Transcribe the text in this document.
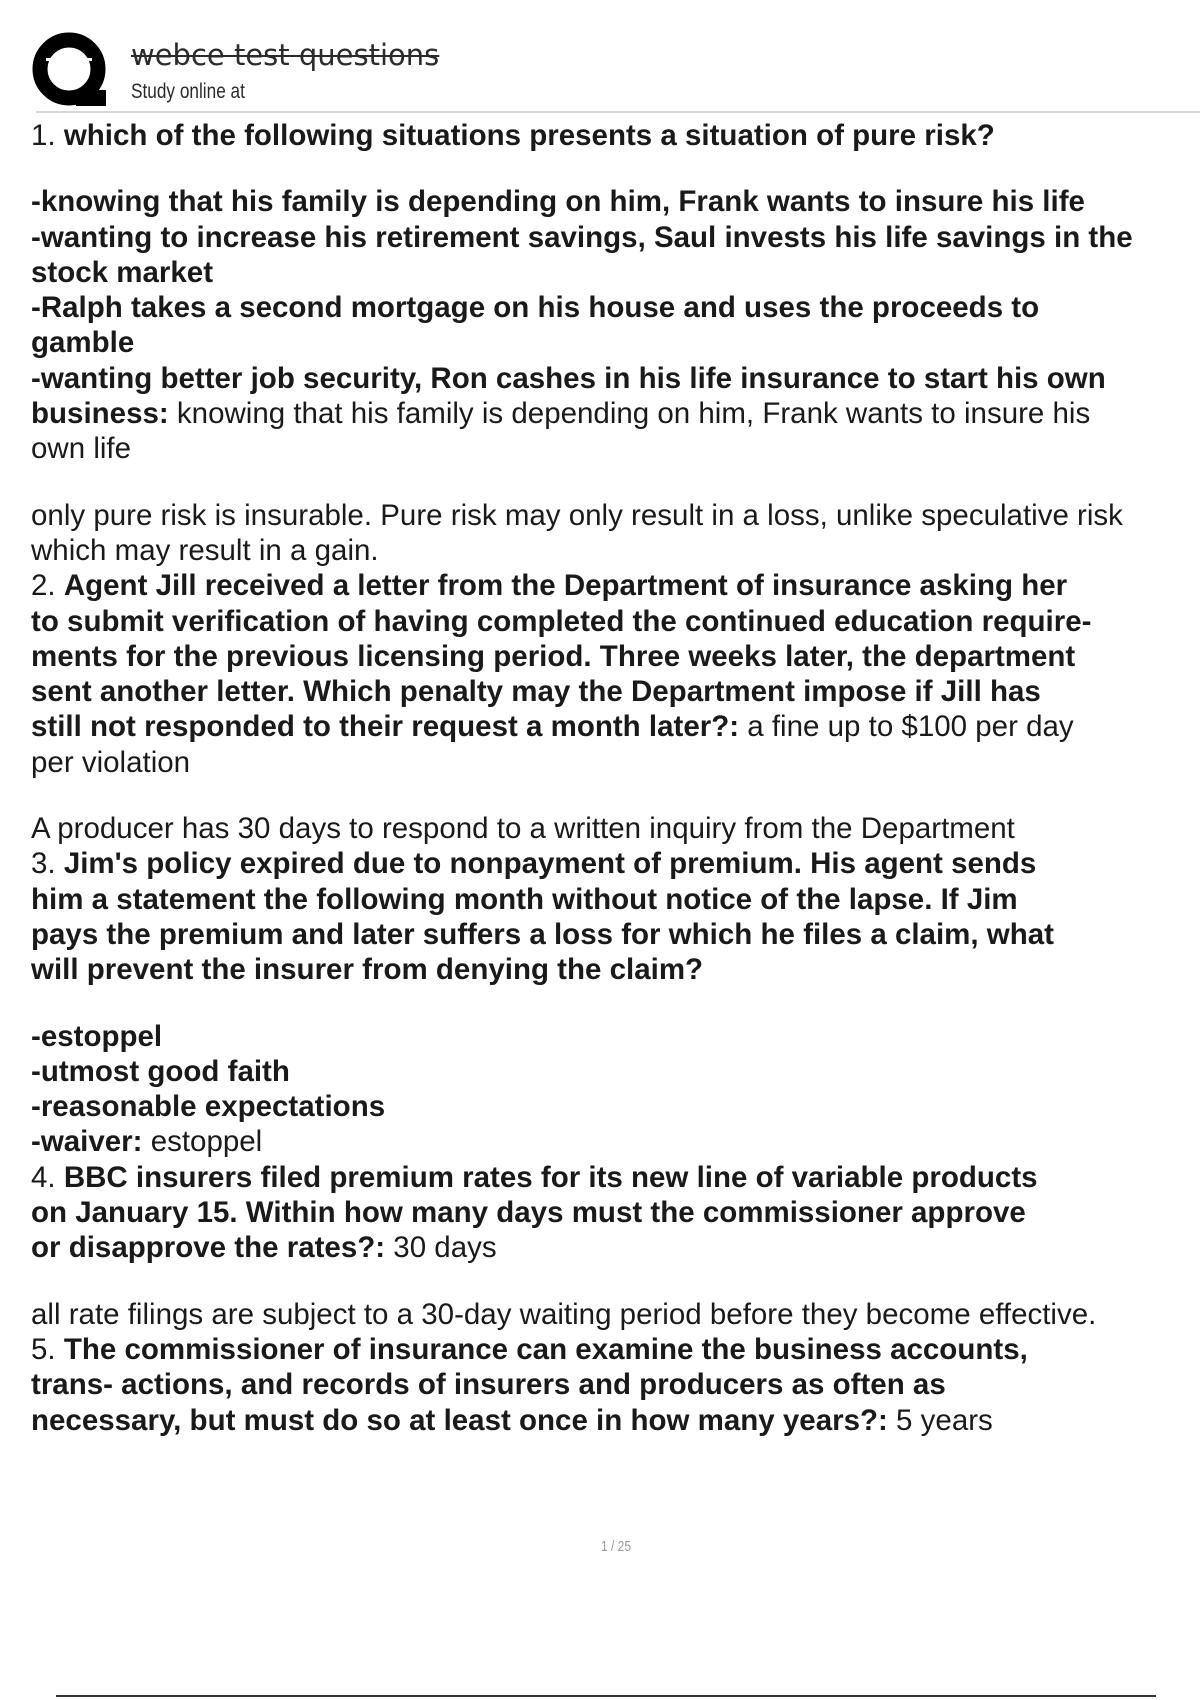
webce test questions
Study online at
1. which of the following situations presents a situation of pure risk?
-knowing that his family is depending on him, Frank wants to insure his life
-wanting to increase his retirement savings, Saul invests his life savings in the
stock market
-Ralph takes a second mortgage on his house and uses the proceeds to
gamble
-wanting better job security, Ron cashes in his life insurance to start his own
business: knowing that his family is depending on him, Frank wants to insure his
own life
only pure risk is insurable. Pure risk may only result in a loss, unlike speculative risk
which may result in a gain.
2. Agent Jill received a letter from the Department of insurance asking her
to submit verification of having completed the continued education require-
ments for the previous licensing period. Three weeks later, the department
sent another letter. Which penalty may the Department impose if Jill has
still not responded to their request a month later?: a fine up to $100 per day
per violation
A producer has 30 days to respond to a written inquiry from the Department
3. Jim's policy expired due to nonpayment of premium. His agent sends
him a statement the following month without notice of the lapse. If Jim
pays the premium and later suffers a loss for which he files a claim, what
will prevent the insurer from denying the claim?
-estoppel
-utmost good faith
-reasonable expectations
-waiver: estoppel
4. BBC insurers filed premium rates for its new line of variable products
on January 15. Within how many days must the commissioner approve
or disapprove the rates?: 30 days
all rate filings are subject to a 30-day waiting period before they become effective.
5. The commissioner of insurance can examine the business accounts,
trans- actions, and records of insurers and producers as often as
necessary, but must do so at least once in how many years?: 5 years
1 / 25
